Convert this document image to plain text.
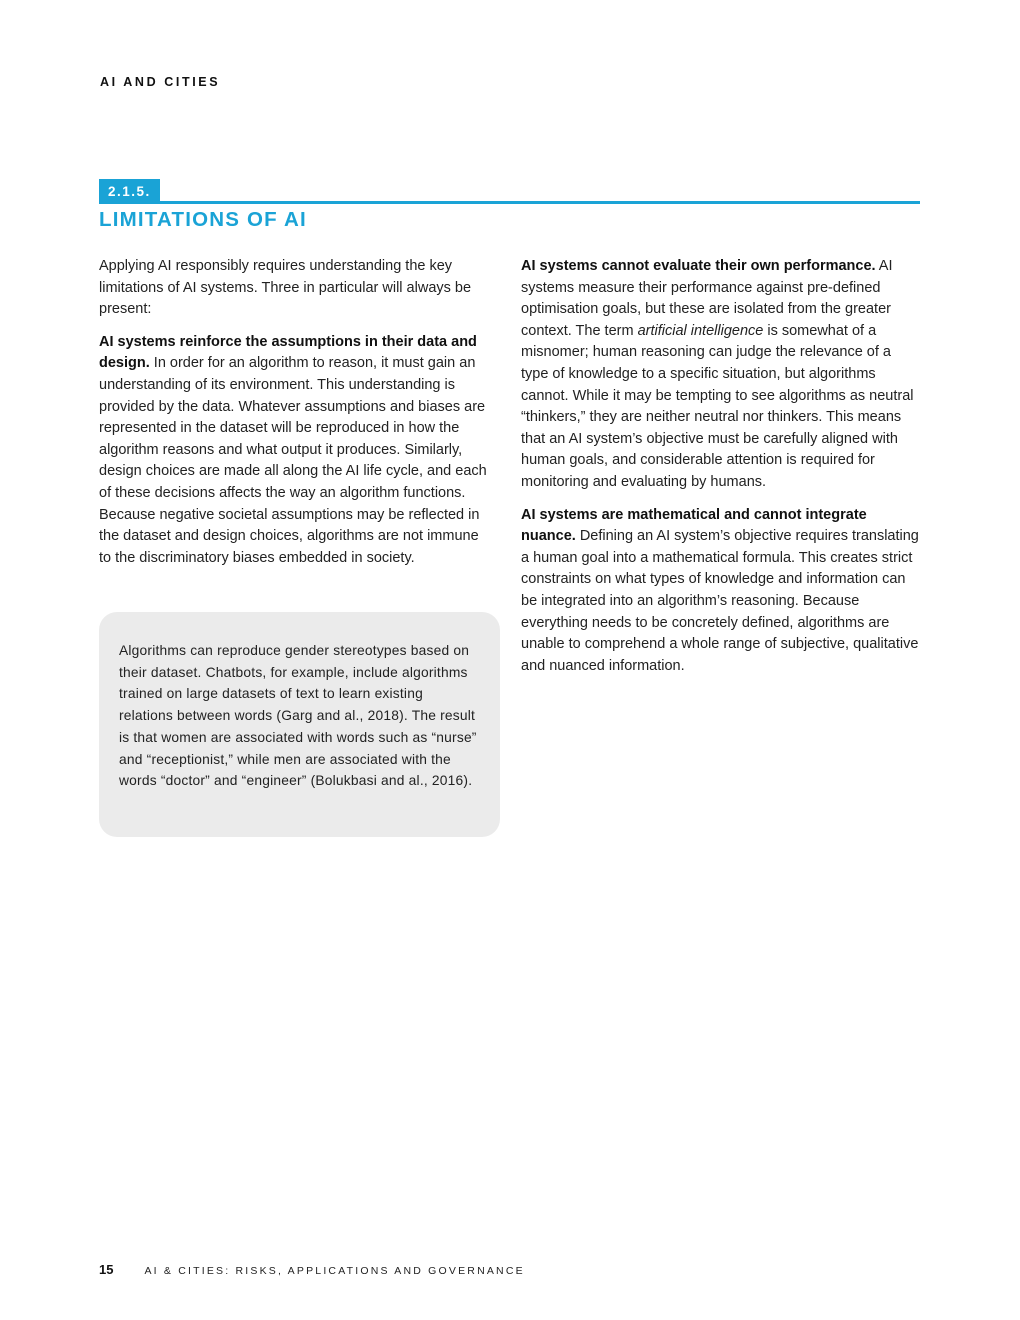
AI AND CITIES
2.1.5.
LIMITATIONS OF AI

Applying AI responsibly requires understanding the key limitations of AI systems. Three in particular will always be present:

AI systems reinforce the assumptions in their data and design. In order for an algorithm to reason, it must gain an understanding of its environment. This understanding is provided by the data. Whatever assumptions and biases are represented in the dataset will be reproduced in how the algorithm reasons and what output it produces. Similarly, design choices are made all along the AI life cycle, and each of these decisions affects the way an algorithm functions. Because negative societal assumptions may be reflected in the dataset and design choices, algorithms are not immune to the discriminatory biases embedded in society.

Algorithms can reproduce gender stereotypes based on their dataset. Chatbots, for example, include algorithms trained on large datasets of text to learn existing relations between words (Garg and al., 2018). The result is that women are associated with words such as “nurse” and “receptionist,” while men are associated with the words “doctor” and “engineer” (Bolukbasi and al., 2016).

AI systems cannot evaluate their own performance. AI systems measure their performance against pre-defined optimisation goals, but these are isolated from the greater context. The term artificial intelligence is somewhat of a misnomer; human reasoning can judge the relevance of a type of knowledge to a specific situation, but algorithms cannot. While it may be tempting to see algorithms as neutral “thinkers,” they are neither neutral nor thinkers. This means that an AI system’s objective must be carefully aligned with human goals, and considerable attention is required for monitoring and evaluating by humans.

AI systems are mathematical and cannot integrate nuance. Defining an AI system’s objective requires translating a human goal into a mathematical formula. This creates strict constraints on what types of knowledge and information can be integrated into an algorithm’s reasoning. Because everything needs to be concretely defined, algorithms are unable to comprehend a whole range of subjective, qualitative and nuanced information.

15	AI & CITIES: RISKS, APPLICATIONS AND GOVERNANCE
